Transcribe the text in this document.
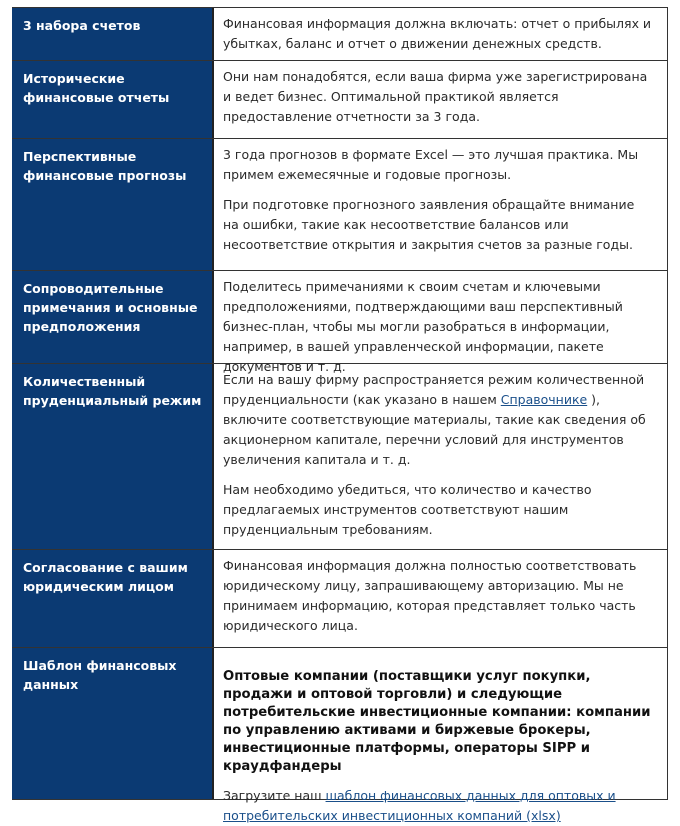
3 набора счетов	Финансовая информация должна включать: отчет о прибылях и убытках, баланс и отчет о движении денежных средств.

Исторические финансовые отчеты

Они нам понадобятся, если ваша фирма уже зарегистрирована и ведет бизнес. Оптимальной практикой является предоставление отчетности за 3 года.

Перспективные финансовые прогнозы

3 года прогнозов в формате Excel — это лучшая практика. Мы примем ежемесячные и годовые прогнозы.

При подготовке прогнозного заявления обращайте внимание на ошибки, такие как несоответствие балансов или несоответствие открытия и закрытия счетов за разные годы.

Сопроводительные примечания и основные предположения

Поделитесь примечаниями к своим счетам и ключевыми предположениями, подтверждающими ваш перспективный бизнес-план, чтобы мы могли разобраться в информации, например, в вашей управленческой информации, пакете документов и т. д.

Количественный пруденциальный режим

Если на вашу фирму распространяется режим количественной пруденциальности (как указано в нашем Справочнике ), включите соответствующие материалы, такие как сведения об акционерном капитале, перечни условий для инструментов увеличения капитала и т. д.

Нам необходимо убедиться, что количество и качество предлагаемых инструментов соответствуют нашим пруденциальным требованиям.

Согласование с вашим юридическим лицом

Финансовая информация должна полностью соответствовать юридическому лицу, запрашивающему авторизацию. Мы не принимаем информацию, которая представляет только часть юридического лица.

Шаблон финансовых данных

Оптовые компании (поставщики услуг покупки, продажи и оптовой торговли) и следующие потребительские инвестиционные компании: компании по управлению активами и биржевые брокеры, инвестиционные платформы, операторы SIPP и краудфандеры

Загрузите наш шаблон финансовых данных для оптовых и потребительских инвестиционных компаний (xlsx)
